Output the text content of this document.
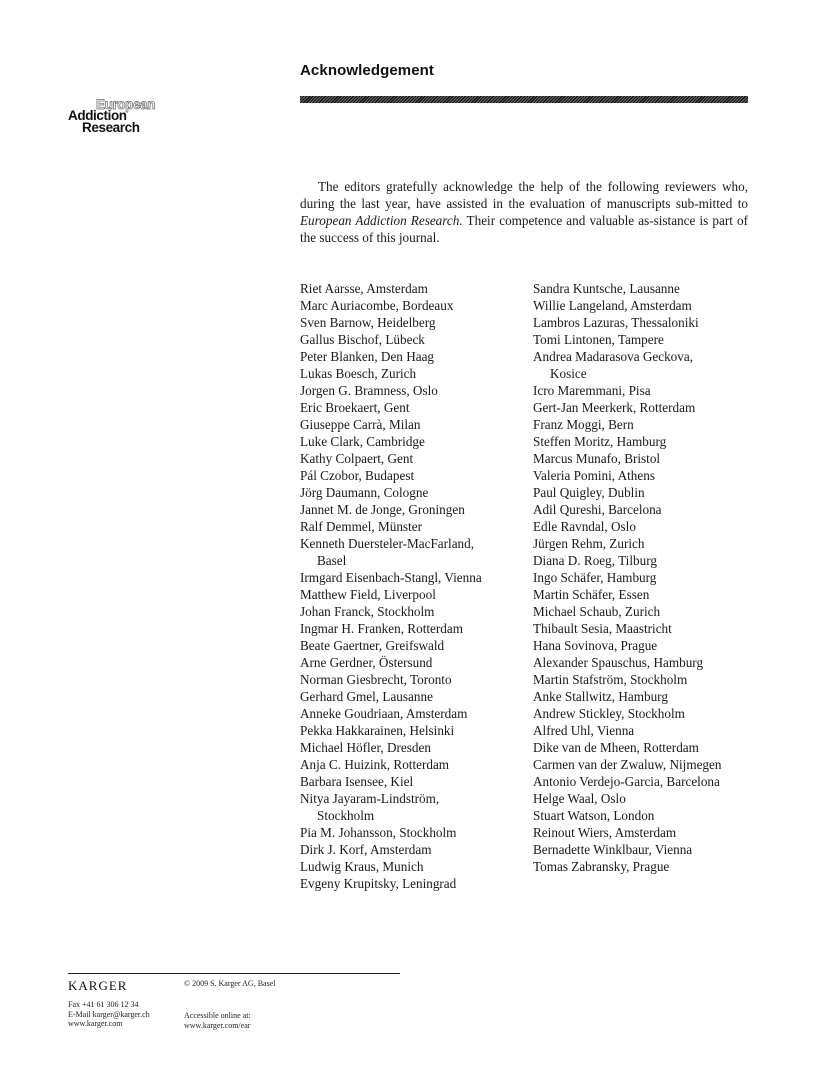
Acknowledgement
European
Addiction
Research

The editors gratefully acknowledge the help of the following reviewers who, during the last year, have assisted in the evaluation of manuscripts sub-mitted to European Addiction Research. Their competence and valuable as-sistance is part of the success of this journal.

Riet Aarsse, Amsterdam
Marc Auriacombe, Bordeaux
Sven Barnow, Heidelberg
Gallus Bischof, Lübeck
Peter Blanken, Den Haag
Lukas Boesch, Zurich
Jorgen G. Bramness, Oslo
Eric Broekaert, Gent
Giuseppe Carrà, Milan
Luke Clark, Cambridge
Kathy Colpaert, Gent
Pál Czobor, Budapest
Jörg Daumann, Cologne
Jannet M. de Jonge, Groningen
Ralf Demmel, Münster
Kenneth Duersteler-MacFarland,
Basel
Irmgard Eisenbach-Stangl, Vienna
Matthew Field, Liverpool
Johan Franck, Stockholm
Ingmar H. Franken, Rotterdam
Beate Gaertner, Greifswald
Arne Gerdner, Östersund
Norman Giesbrecht, Toronto
Gerhard Gmel, Lausanne
Anneke Goudriaan, Amsterdam
Pekka Hakkarainen, Helsinki
Michael Höfler, Dresden
Anja C. Huizink, Rotterdam
Barbara Isensee, Kiel
Nitya Jayaram-Lindström,
Stockholm
Pia M. Johansson, Stockholm
Dirk J. Korf, Amsterdam
Ludwig Kraus, Munich
Evgeny Krupitsky, Leningrad
Sandra Kuntsche, Lausanne
Willie Langeland, Amsterdam
Lambros Lazuras, Thessaloniki
Tomi Lintonen, Tampere
Andrea Madarasova Geckova,
Kosice
Icro Maremmani, Pisa
Gert-Jan Meerkerk, Rotterdam
Franz Moggi, Bern
Steffen Moritz, Hamburg
Marcus Munafo, Bristol
Valeria Pomini, Athens
Paul Quigley, Dublin
Adil Qureshi, Barcelona
Edle Ravndal, Oslo
Jürgen Rehm, Zurich
Diana D. Roeg, Tilburg
Ingo Schäfer, Hamburg
Martin Schäfer, Essen
Michael Schaub, Zurich
Thibault Sesia, Maastricht
Hana Sovinova, Prague
Alexander Spauschus, Hamburg
Martin Stafström, Stockholm
Anke Stallwitz, Hamburg
Andrew Stickley, Stockholm
Alfred Uhl, Vienna
Dike van de Mheen, Rotterdam
Carmen van der Zwaluw, Nijmegen
Antonio Verdejo-Garcia, Barcelona
Helge Waal, Oslo
Stuart Watson, London
Reinout Wiers, Amsterdam
Bernadette Winklbaur, Vienna
Tomas Zabransky, Prague
KARGER	© 2009 S. Karger AG, Basel
Fax +41 61 306 12 34
E-Mail karger@karger.ch
www.karger.com
Accessible online at:
www.karger.com/ear
